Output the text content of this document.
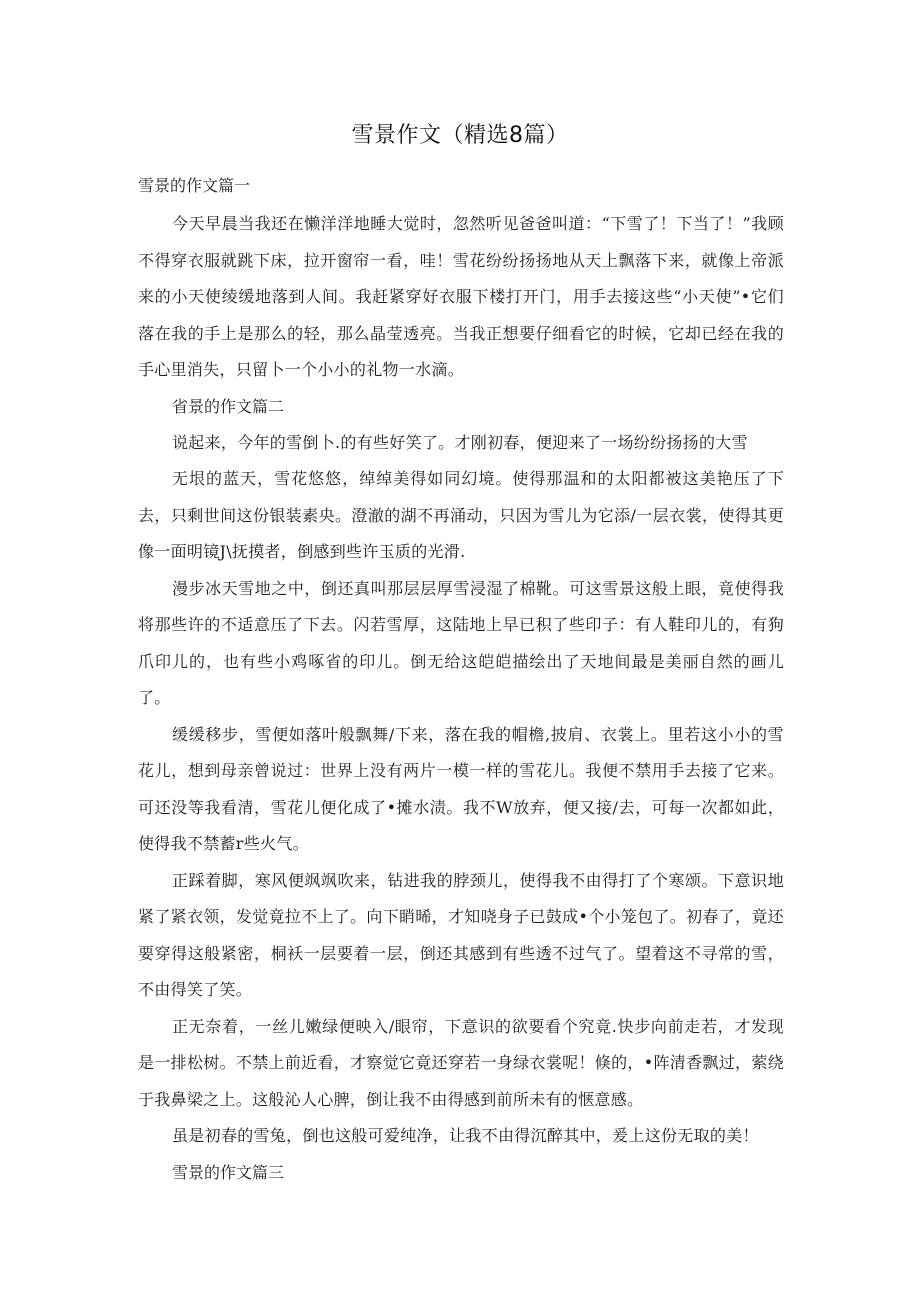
雪景作文（精选8篇）

雪景的作文篇一

今天早晨当我还在懒洋洋地睡大觉时，忽然听见爸爸叫道：“下雪了！下当了！”我顾不得穿衣服就跳下床，拉开窗帘一看，哇！雪花纷纷扬扬地从天上飘落下来，就像上帝派来的小天使绫缓地落到人间。我赶紧穿好衣服下楼打开门，用手去接这些“小天使”•它们落在我的手上是那么的轻，那么晶莹透亮。当我正想要仔细看它的时候，它却已经在我的手心里消失，只留卜一个小小的礼物一水滴。

省景的作文篇二

说起来，今年的雪倒卜.的有些好笑了。才刚初春，便迎来了一场纷纷扬扬的大雪

无垠的蓝天，雪花悠悠，绰绰美得如同幻境。使得那温和的太阳都被这美艳压了下去，只剩世间这份银装素央。澄澈的湖不再涌动，只因为雪儿为它添/一层衣裳，使得其更像一面明镜J\抚摸者，倒感到些许玉质的光滑.

漫步冰天雪地之中，倒还真叫那层层厚雪浸湿了棉靴。可这雪景这般上眼，竟使得我将那些许的不适意压了下去。闪若雪厚，这陆地上早已积了些印子：有人鞋印儿的，有狗爪印儿的，也有些小鸡啄省的印儿。倒无给这皑皑描绘出了天地间最是美丽自然的画儿了。

缓缓移步，雪便如落叶般飘舞/下来，落在我的帽檐,披肩、衣裳上。里若这小小的雪花儿，想到母亲曾说过：世界上没有两片一模一样的雪花儿。我便不禁用手去接了它来。可还没等我看清，雪花儿便化成了•摊水渍。我不W放弃，便又接/去，可每一次都如此，使得我不禁蓄r些火气。

正踩着脚，寒风便飒飒吹来，钻进我的脖颈儿，使得我不由得打了个寒颂。下意识地紧了紧衣领，发觉竟拉不上了。向下睄晞，才知哓身子已鼓成•个小笼包了。初春了，竟还要穿得这般紧密，桐袄一层要着一层，倒还其感到有些透不过气了。望着这不寻常的雪，不由得笑了笑。

正无奈着，一丝儿嫩绿便映入/眼帘，下意识的欲要看个究竟.快步向前走若，才发现是一排松树。不禁上前近看，才察觉它竟还穿若一身绿衣裳呢！倏的，•阵清香飘过，萦绕于我鼻梁之上。这般沁人心脾，倒让我不由得感到前所未有的惬意感。

虽是初春的雪兔，倒也这般可爱纯净，让我不由得沉醉其中，爰上这份无取的美！

雪景的作文篇三
